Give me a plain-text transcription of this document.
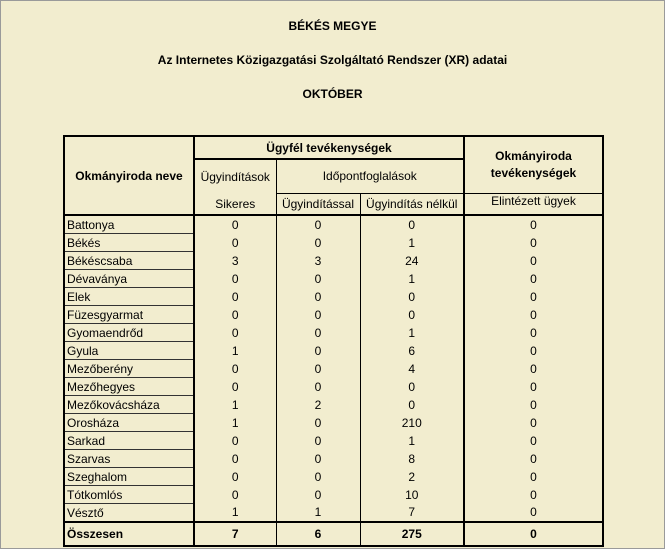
BÉKÉS MEGYE
Az Internetes Közigazgatási Szolgáltató Rendszer (XR) adatai
OKTÓBER
Okmányiroda neve	Ügyfél tevékenységek			Okmányiroda tevékenységek
	Ügyindítások	Időpontfoglalások		
	Sikeres	Ügyindítással	Ügyindítás nélkül	Elintézett ügyek
Battonya	0	0	0	0
Békés	0	0	1	0
Békéscsaba	3	3	24	0
Dévaványa	0	0	1	0
Elek	0	0	0	0
Füzesgyarmat	0	0	0	0
Gyomaendrőd	0	0	1	0
Gyula	1	0	6	0
Mezőberény	0	0	4	0
Mezőhegyes	0	0	0	0
Mezőkovácsháza	1	2	0	0
Orosháza	1	0	210	0
Sarkad	0	0	1	0
Szarvas	0	0	8	0
Szeghalom	0	0	2	0
Tótkomlós	0	0	10	0
Vésztő	1	1	7	0
Összesen	7	6	275	0
